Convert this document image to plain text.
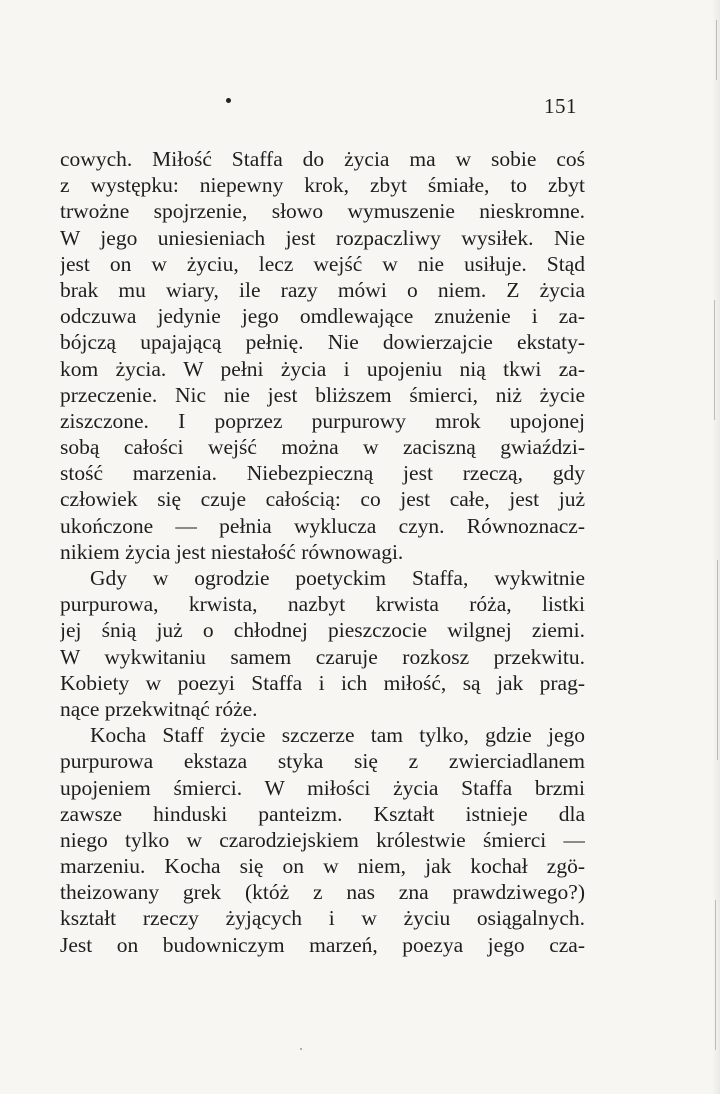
151
cowych. Miłość Staffa do życia ma w sobie coś
z występku: niepewny krok, zbyt śmiałe, to zbyt
trwożne spojrzenie, słowo wymuszenie nieskromne.
W jego uniesieniach jest rozpaczliwy wysiłek. Nie
jest on w życiu, lecz wejść w nie usiłuje. Stąd
brak mu wiary, ile razy mówi o niem. Z życia
odczuwa jedynie jego omdlewające znużenie i za-
bójczą upajającą pełnię. Nie dowierzajcie ekstaty-
kom życia. W pełni życia i upojeniu nią tkwi za-
przeczenie. Nic nie jest bliższem śmierci, niż życie
ziszczone. I poprzez purpurowy mrok upojonej
sobą całości wejść można w zaciszną gwiaździ-
stość marzenia. Niebezpieczną jest rzeczą, gdy
człowiek się czuje całością: co jest całe, jest już
ukończone — pełnia wyklucza czyn. Równoznacz-
nikiem życia jest niestałość równowagi.
Gdy w ogrodzie poetyckim Staffa, wykwitnie
purpurowa, krwista, nazbyt krwista róża, listki
jej śnią już o chłodnej pieszczocie wilgnej ziemi.
W wykwitaniu samem czaruje rozkosz przekwitu.
Kobiety w poezyi Staffa i ich miłość, są jak prag-
nące przekwitnąć róże.
Kocha Staff życie szczerze tam tylko, gdzie jego
purpurowa ekstaza styka się z zwierciadlanem
upojeniem śmierci. W miłości życia Staffa brzmi
zawsze hinduski panteizm. Kształt istnieje dla
niego tylko w czarodziejskiem królestwie śmierci —
marzeniu. Kocha się on w niem, jak kochał zgö-
theizowany grek (któż z nas zna prawdziwego?)
kształt rzeczy żyjących i w życiu osiągalnych.
Jest on budowniczym marzeń, poezya jego cza-
